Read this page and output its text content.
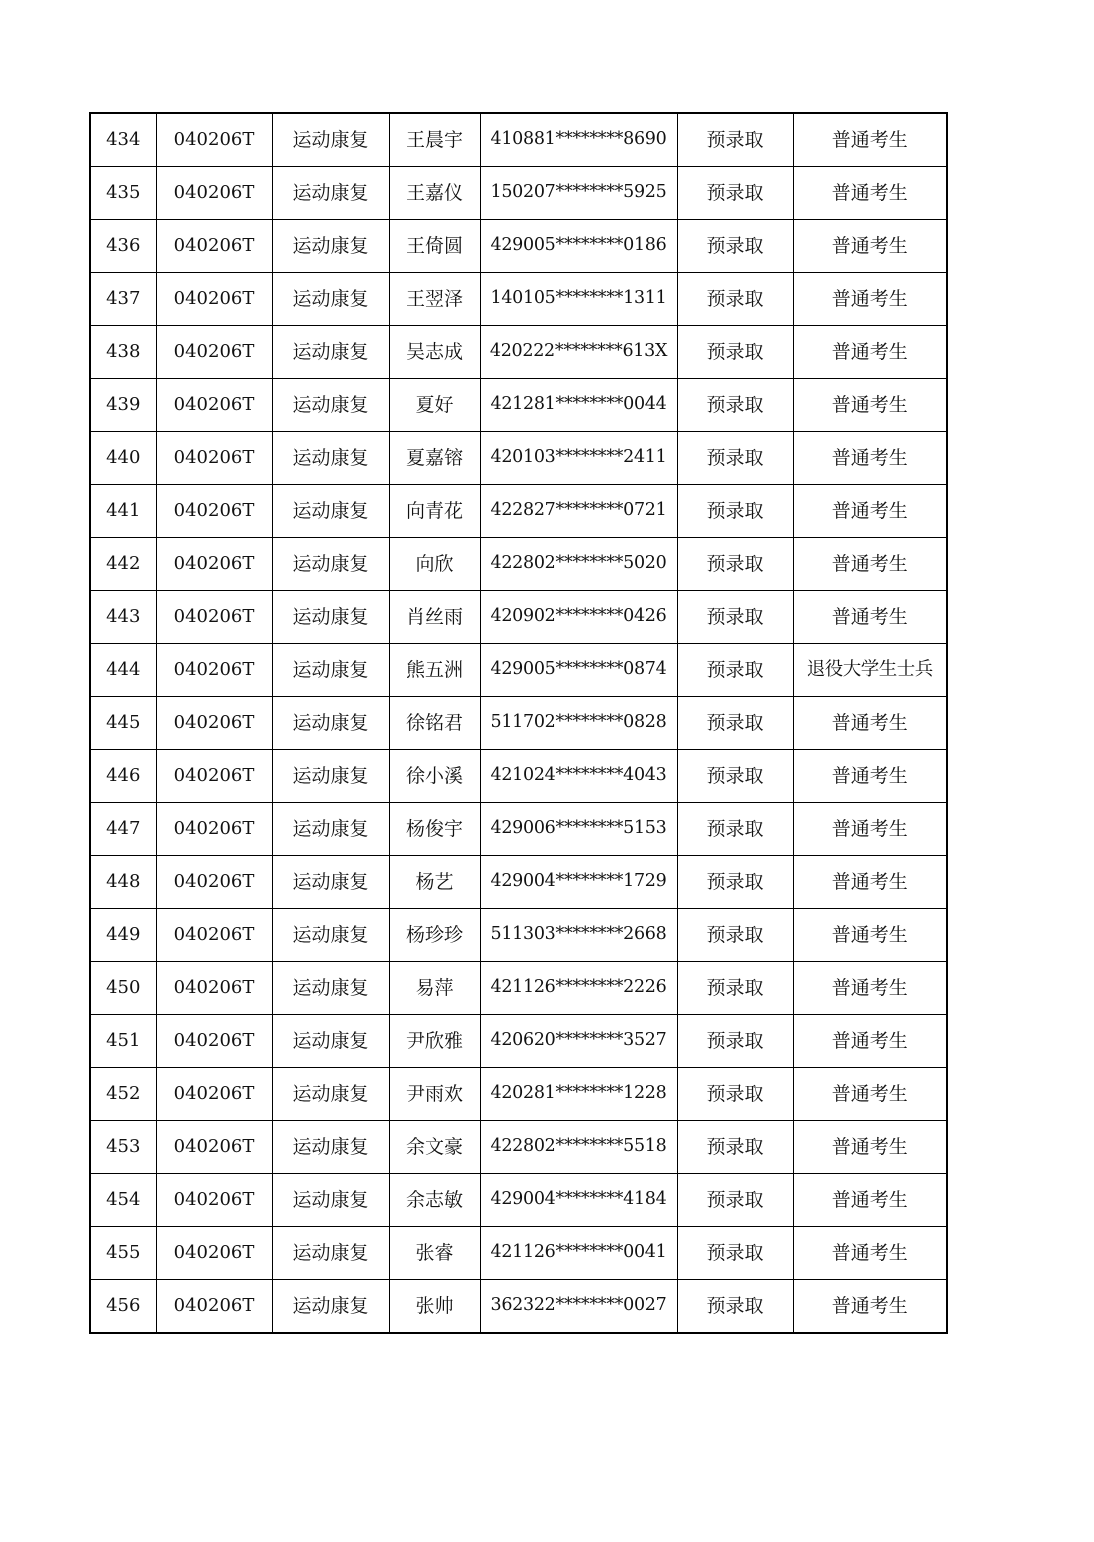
434	040206T	运动康复	王晨宇	410881********8690	预录取	普通考生
435	040206T	运动康复	王嘉仪	150207********5925	预录取	普通考生
436	040206T	运动康复	王倚圆	429005********0186	预录取	普通考生
437	040206T	运动康复	王翌泽	140105********1311	预录取	普通考生
438	040206T	运动康复	吴志成	420222********613X	预录取	普通考生
439	040206T	运动康复	夏好	421281********0044	预录取	普通考生
440	040206T	运动康复	夏嘉镕	420103********2411	预录取	普通考生
441	040206T	运动康复	向青花	422827********0721	预录取	普通考生
442	040206T	运动康复	向欣	422802********5020	预录取	普通考生
443	040206T	运动康复	肖丝雨	420902********0426	预录取	普通考生
444	040206T	运动康复	熊五洲	429005********0874	预录取	退役大学生士兵
445	040206T	运动康复	徐铭君	511702********0828	预录取	普通考生
446	040206T	运动康复	徐小溪	421024********4043	预录取	普通考生
447	040206T	运动康复	杨俊宇	429006********5153	预录取	普通考生
448	040206T	运动康复	杨艺	429004********1729	预录取	普通考生
449	040206T	运动康复	杨珍珍	511303********2668	预录取	普通考生
450	040206T	运动康复	易萍	421126********2226	预录取	普通考生
451	040206T	运动康复	尹欣雅	420620********3527	预录取	普通考生
452	040206T	运动康复	尹雨欢	420281********1228	预录取	普通考生
453	040206T	运动康复	余文豪	422802********5518	预录取	普通考生
454	040206T	运动康复	余志敏	429004********4184	预录取	普通考生
455	040206T	运动康复	张睿	421126********0041	预录取	普通考生
456	040206T	运动康复	张帅	362322********0027	预录取	普通考生
